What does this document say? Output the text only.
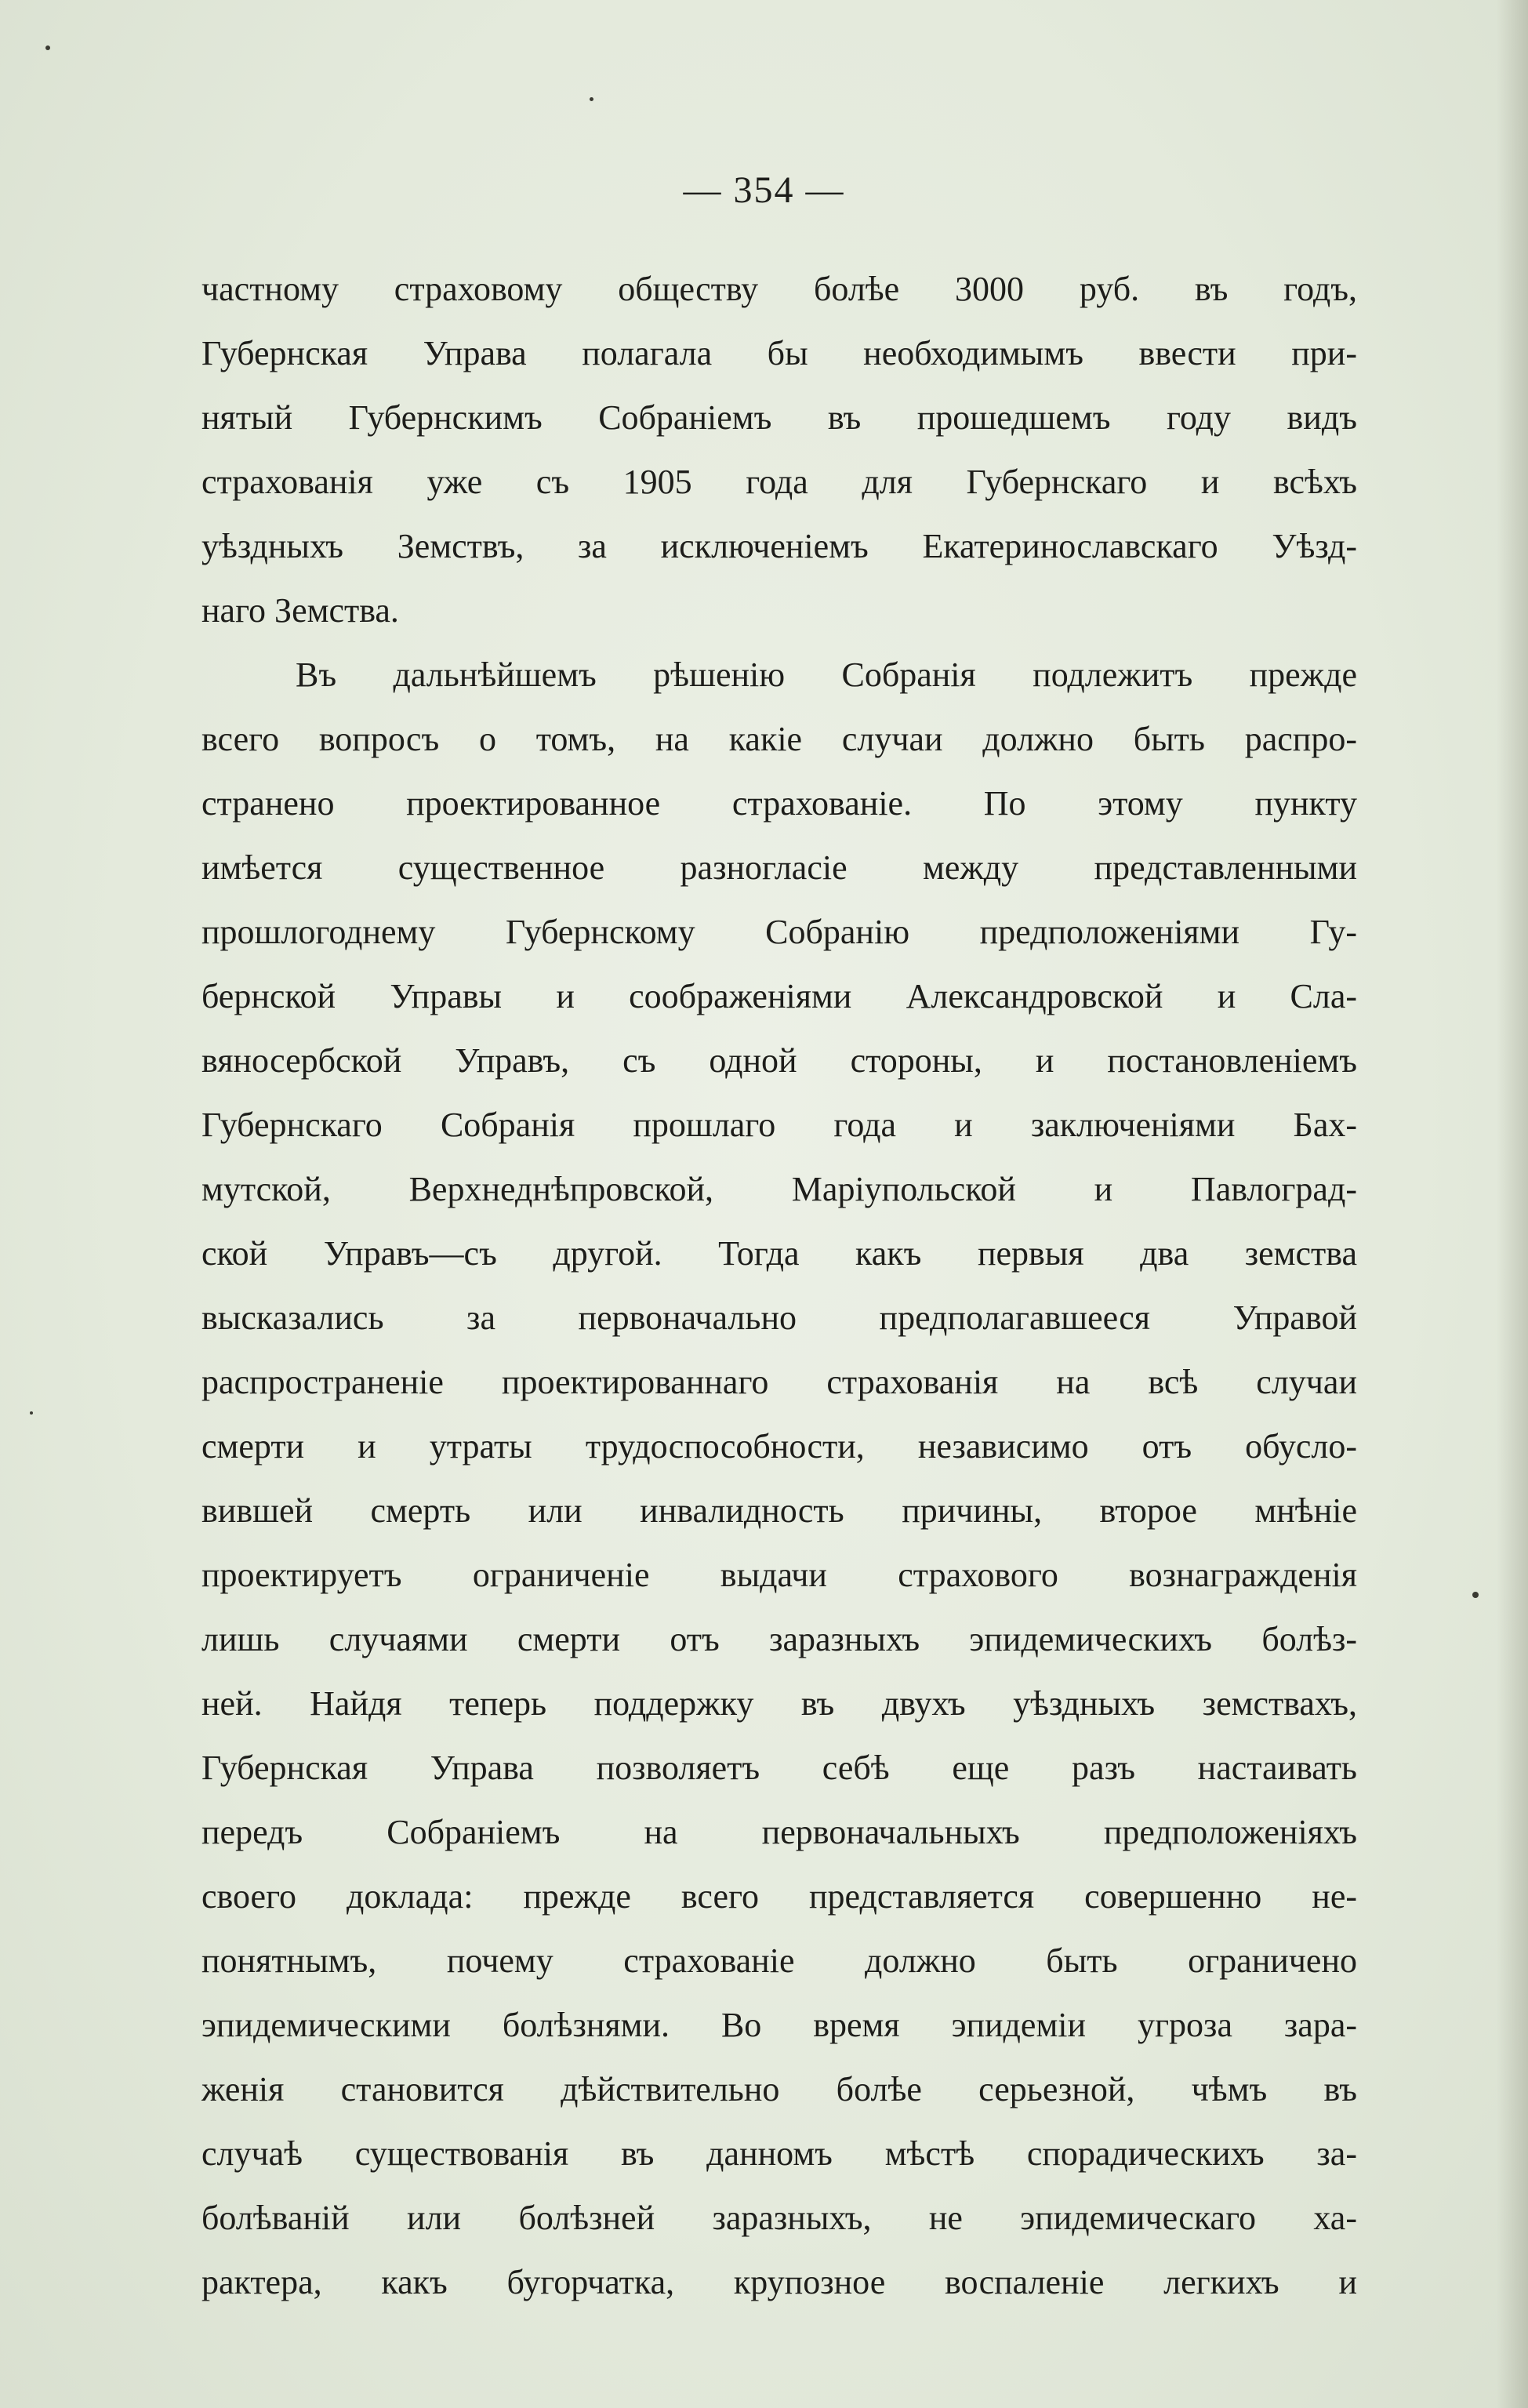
— 354 —
частному страховому обществу болѣе 3000 руб. въ годъ,
Губернская Управа полагала бы необходимымъ ввести при-
нятый Губернскимъ Собраніемъ въ прошедшемъ году видъ
страхованія уже съ 1905 года для Губернскаго и всѣхъ
уѣздныхъ Земствъ, за исключеніемъ Екатеринославскаго Уѣзд-
наго Земства.
Въ дальнѣйшемъ рѣшенію Собранія подлежитъ прежде
всего вопросъ о томъ, на какіе случаи должно быть распро-
странено проектированное страхованіе. По этому пункту
имѣется существенное разногласіе между представленными
прошлогоднему Губернскому Собранію предположеніями Гу-
бернской Управы и соображеніями Александровской и Сла-
вяносербской Управъ, съ одной стороны, и постановленіемъ
Губернскаго Собранія прошлаго года и заключеніями Бах-
мутской, Верхнеднѣпровской, Маріупольской и Павлоград-
ской Управъ—съ другой. Тогда какъ первыя два земства
высказались за первоначально предполагавшееся Управой
распространеніе проектированнаго страхованія на всѣ случаи
смерти и утраты трудоспособности, независимо отъ обусло-
вившей смерть или инвалидность причины, второе мнѣніе
проектируетъ ограниченіе выдачи страхового вознагражденія
лишь случаями смерти отъ заразныхъ эпидемическихъ болѣз-
ней. Найдя теперь поддержку въ двухъ уѣздныхъ земствахъ,
Губернская Управа позволяетъ себѣ еще разъ настаивать
передъ Собраніемъ на первоначальныхъ предположеніяхъ
своего доклада: прежде всего представляется совершенно не-
понятнымъ, почему страхованіе должно быть ограничено
эпидемическими болѣзнями. Во время эпидеміи угроза зара-
женія становится дѣйствительно болѣе серьезной, чѣмъ въ
случаѣ существованія въ данномъ мѣстѣ спорадическихъ за-
болѣваній или болѣзней заразныхъ, не эпидемическаго ха-
рактера, какъ бугорчатка, крупозное воспаленіе легкихъ и
